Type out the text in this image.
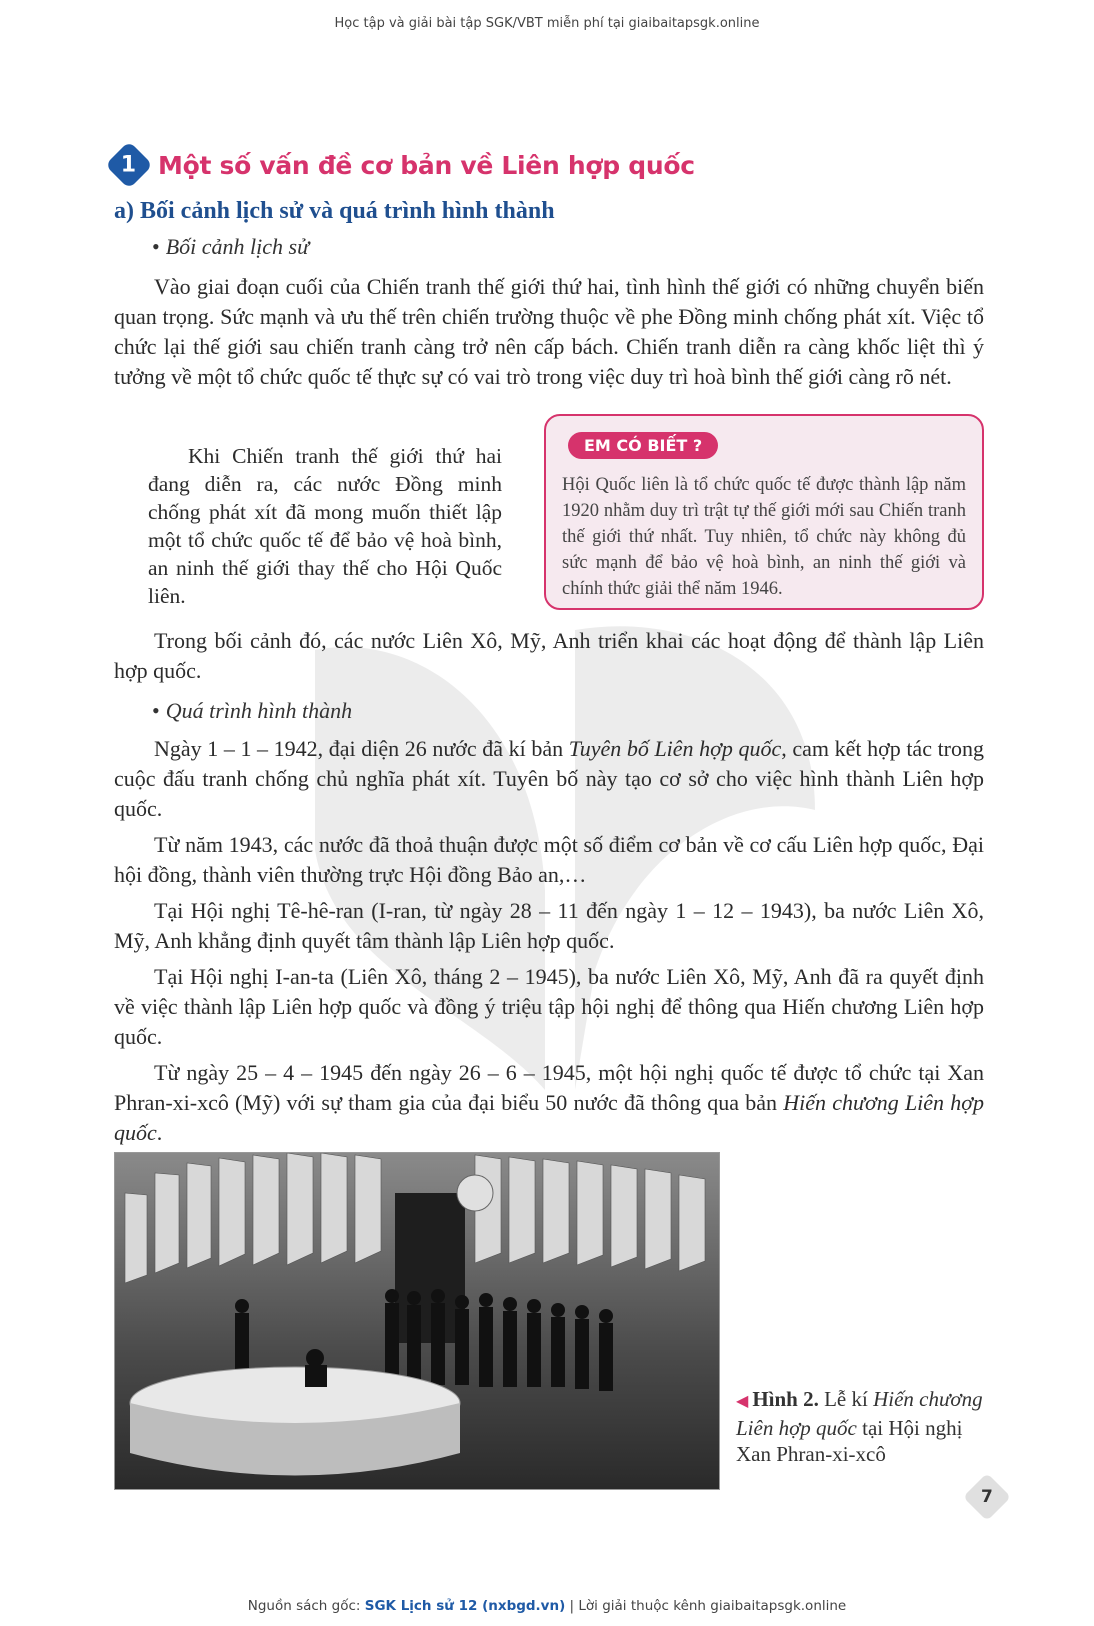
Học tập và giải bài tập SGK/VBT miễn phí tại giaibaitapsgk.online
1 Một số vấn đề cơ bản về Liên hợp quốc
a) Bối cảnh lịch sử và quá trình hình thành
• Bối cảnh lịch sử
Vào giai đoạn cuối của Chiến tranh thế giới thứ hai, tình hình thế giới có những chuyển biến quan trọng. Sức mạnh và ưu thế trên chiến trường thuộc về phe Đồng minh chống phát xít. Việc tổ chức lại thế giới sau chiến tranh càng trở nên cấp bách. Chiến tranh diễn ra càng khốc liệt thì ý tưởng về một tổ chức quốc tế thực sự có vai trò trong việc duy trì hoà bình thế giới càng rõ nét.
Khi Chiến tranh thế giới thứ hai đang diễn ra, các nước Đồng minh chống phát xít đã mong muốn thiết lập một tổ chức quốc tế để bảo vệ hoà bình, an ninh thế giới thay thế cho Hội Quốc liên.
EM CÓ BIẾT ?
Hội Quốc liên là tổ chức quốc tế được thành lập năm 1920 nhằm duy trì trật tự thế giới mới sau Chiến tranh thế giới thứ nhất. Tuy nhiên, tổ chức này không đủ sức mạnh để bảo vệ hoà bình, an ninh thế giới và chính thức giải thể năm 1946.
Trong bối cảnh đó, các nước Liên Xô, Mỹ, Anh triển khai các hoạt động để thành lập Liên hợp quốc.
• Quá trình hình thành
Ngày 1 – 1 – 1942, đại diện 26 nước đã kí bản Tuyên bố Liên hợp quốc, cam kết hợp tác trong cuộc đấu tranh chống chủ nghĩa phát xít. Tuyên bố này tạo cơ sở cho việc hình thành Liên hợp quốc.
Từ năm 1943, các nước đã thoả thuận được một số điểm cơ bản về cơ cấu Liên hợp quốc, Đại hội đồng, thành viên thường trực Hội đồng Bảo an,…
Tại Hội nghị Tê-hê-ran (I-ran, từ ngày 28 – 11 đến ngày 1 – 12 – 1943), ba nước Liên Xô, Mỹ, Anh khẳng định quyết tâm thành lập Liên hợp quốc.
Tại Hội nghị I-an-ta (Liên Xô, tháng 2 – 1945), ba nước Liên Xô, Mỹ, Anh đã ra quyết định về việc thành lập Liên hợp quốc và đồng ý triệu tập hội nghị để thông qua Hiến chương Liên hợp quốc.
Từ ngày 25 – 4 – 1945 đến ngày 26 – 6 – 1945, một hội nghị quốc tế được tổ chức tại Xan Phran-xi-xcô (Mỹ) với sự tham gia của đại biểu 50 nước đã thông qua bản Hiến chương Liên hợp quốc.
◀ Hình 2. Lễ kí Hiến chương Liên hợp quốc tại Hội nghị Xan Phran-xi-xcô
7
Nguồn sách gốc: SGK Lịch sử 12 (nxbgd.vn) | Lời giải thuộc kênh giaibaitapsgk.online
